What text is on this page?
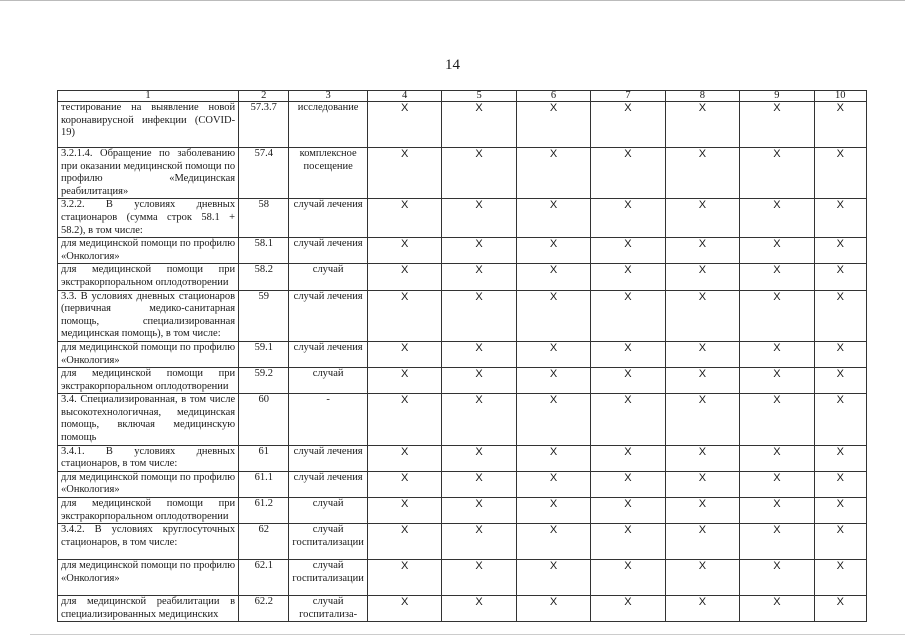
14
1	2	3	4	5	6	7	8	9	10
тестирование на выявление новой коронавирусной инфекции (COVID-19)	57.3.7	исследование	X	X	X	X	X	X	X
3.2.1.4. Обращение по заболеванию при оказании медицинской помощи по профилю «Медицинская реабилитация»	57.4	комплексное посещение	X	X	X	X	X	X	X
3.2.2. В условиях дневных стационаров (сумма строк 58.1 + 58.2), в том числе:	58	случай лечения	X	X	X	X	X	X	X
для медицинской помощи по профилю «Онкология»	58.1	случай лечения	X	X	X	X	X	X	X
для медицинской помощи при экстракорпоральном оплодотворении	58.2	случай	X	X	X	X	X	X	X
3.3. В условиях дневных стационаров (первичная медико-санитарная помощь, специализированная медицинская помощь), в том числе:	59	случай лечения	X	X	X	X	X	X	X
для медицинской помощи по профилю «Онкология»	59.1	случай лечения	X	X	X	X	X	X	X
для медицинской помощи при экстракорпоральном оплодотворении	59.2	случай	X	X	X	X	X	X	X
3.4. Специализированная, в том числе высокотехнологичная, медицинская помощь, включая медицинскую помощь	60	-	X	X	X	X	X	X	X
3.4.1. В условиях дневных стационаров, в том числе:	61	случай лечения	X	X	X	X	X	X	X
для медицинской помощи по профилю «Онкология»	61.1	случай лечения	X	X	X	X	X	X	X
для медицинской помощи при экстракорпоральном оплодотворении	61.2	случай	X	X	X	X	X	X	X
3.4.2. В условиях круглосуточных стационаров, в том числе:	62	случай госпитализации	X	X	X	X	X	X	X
для медицинской помощи по профилю «Онкология»	62.1	случай госпитализации	X	X	X	X	X	X	X
для медицинской реабилитации в специализированных медицинских	62.2	случай госпитализа-	X	X	X	X	X	X	X
